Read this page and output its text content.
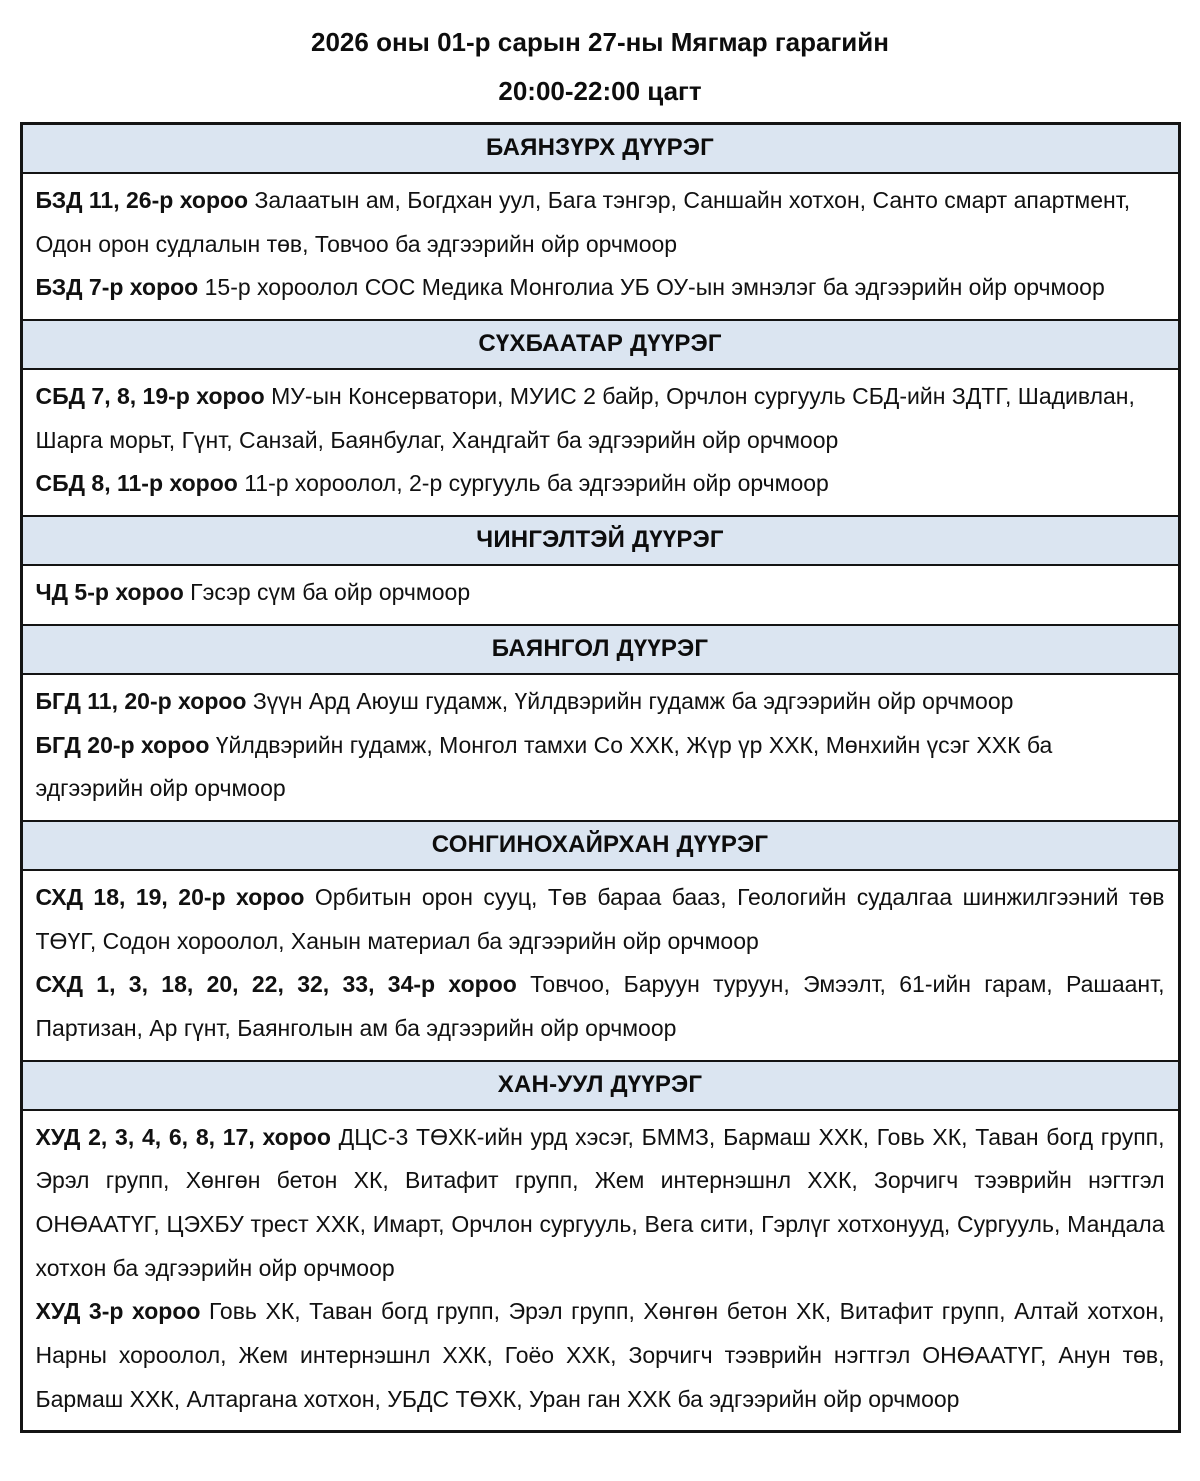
2026 оны 01-р сарын 27-ны Мягмар гарагийн
20:00-22:00 цагт
БАЯНЗҮРХ ДҮҮРЭГ

БЗД 11, 26-р хороо Залаатын ам, Богдхан уул, Бага тэнгэр, Саншайн хотхон, Санто смарт апартмент, Одон орон судлалын төв, Товчоо ба эдгээрийн ойр орчмоор

БЗД 7-р хороо 15-р хороолол СОС Медика Монголиа УБ ОУ-ын эмнэлэг ба эдгээрийн ойр орчмоор

СҮХБААТАР ДҮҮРЭГ

СБД 7, 8, 19-р хороо МУ-ын Консерватори, МУИС 2 байр, Орчлон сургууль СБД-ийн ЗДТГ, Шадивлан, Шарга морьт, Гүнт, Санзай, Баянбулаг, Хандгайт ба эдгээрийн ойр орчмоор

СБД 8, 11-р хороо 11-р хороолол, 2-р сургууль ба эдгээрийн ойр орчмоор

ЧИНГЭЛТЭЙ ДҮҮРЭГ

ЧД 5-р хороо Гэсэр сүм ба ойр орчмоор

БАЯНГОЛ ДҮҮРЭГ

БГД 11, 20-р хороо Зүүн Ард Аюуш гудамж, Үйлдвэрийн гудамж ба эдгээрийн ойр орчмоор

БГД 20-р хороо Үйлдвэрийн гудамж, Монгол тамхи Со ХХК, Жүр үр ХХК, Мөнхийн үсэг ХХК ба эдгээрийн ойр орчмоор

СОНГИНОХАЙРХАН ДҮҮРЭГ

СХД 18, 19, 20-р хороо Орбитын орон сууц, Төв бараа бааз, Геологийн судалгаа шинжилгээний төв ТӨҮГ, Содон хороолол, Ханын материал ба эдгээрийн ойр орчмоор

СХД 1, 3, 18, 20, 22, 32, 33, 34-р хороо Товчоо, Баруун туруун, Эмээлт, 61-ийн гарам, Рашаант, Партизан, Ар гүнт, Баянголын ам ба эдгээрийн ойр орчмоор

ХАН-УУЛ ДҮҮРЭГ

ХУД 2, 3, 4, 6, 8, 17, хороо ДЦС-3 ТӨХК-ийн урд хэсэг, БММЗ, Бармаш ХХК, Говь ХК, Таван богд групп, Эрэл групп, Хөнгөн бетон ХК, Витафит групп, Жем интернэшнл ХХК, Зорчигч тээврийн нэгтгэл ОНӨААТҮГ, ЦЭХБУ трест ХХК, Имарт, Орчлон сургууль, Вега сити, Гэрлүг хотхонууд, Сургууль, Мандала хотхон ба эдгээрийн ойр орчмоор

ХУД 3-р хороо Говь ХК, Таван богд групп, Эрэл групп, Хөнгөн бетон ХК, Витафит групп, Алтай хотхон, Нарны хороолол, Жем интернэшнл ХХК, Гоёо ХХК, Зорчигч тээврийн нэгтгэл ОНӨААТҮГ, Анун төв, Бармаш ХХК, Алтаргана хотхон, УБДС ТӨХК, Уран ган ХХК ба эдгээрийн ойр орчмоор
